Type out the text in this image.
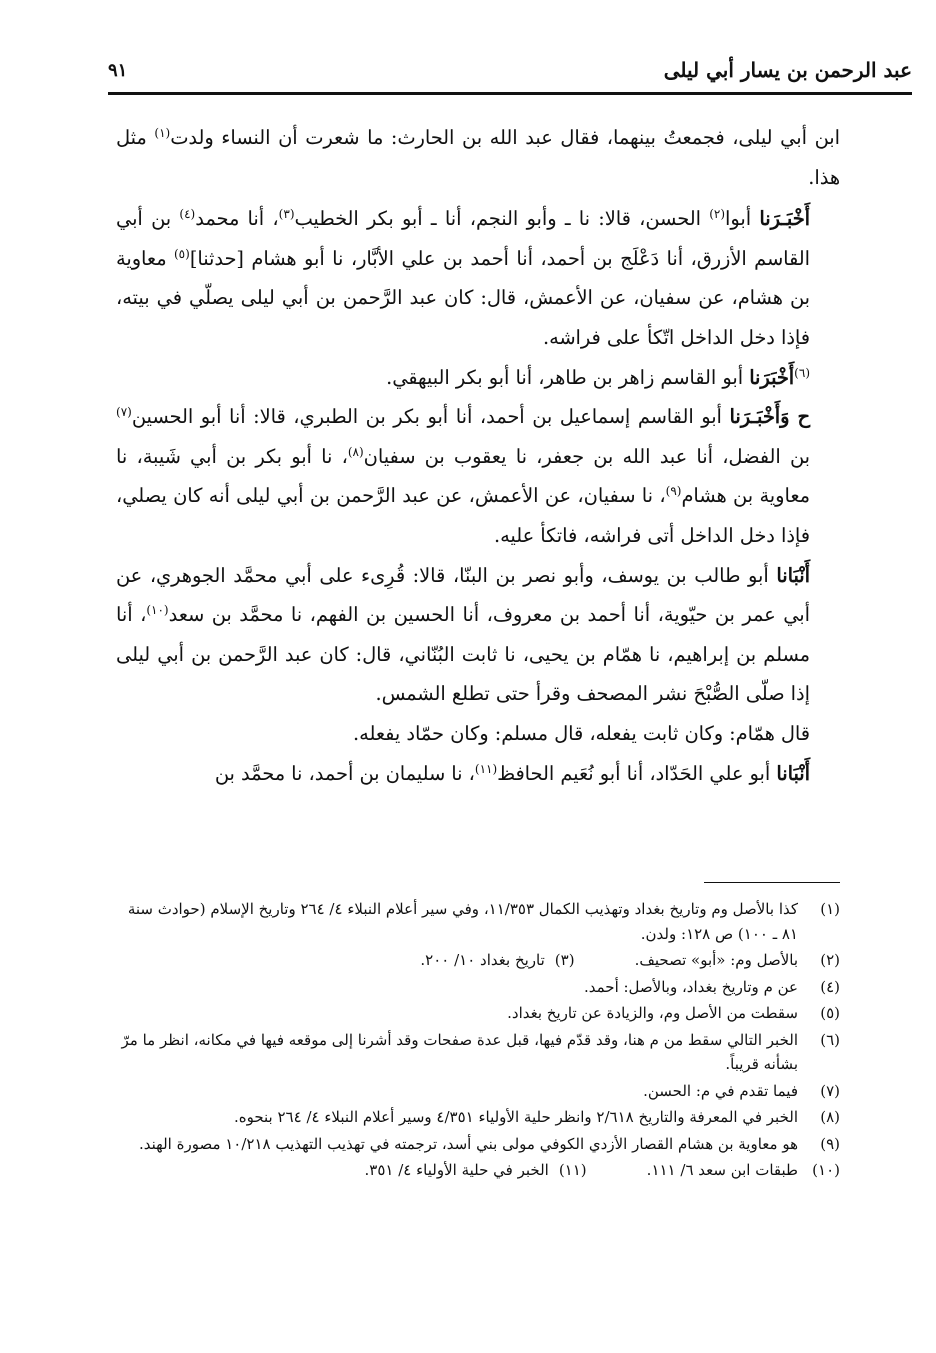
عبد الرحمن بن يسار أبي ليلى
٩١

ابن أبي ليلى، فجمعتُ بينهما، فقال عبد الله بن الحارث: ما شعرت أن النساء ولدت$^{(١)}$ مثل هذا.

أَخْبَـرَنا أبوا$^{(٢)}$ الحسن، قالا: نا ـ وأبو النجم، أنا ـ أبو بكر الخطيب$^{(٣)}$، أنا محمد$^{(٤)}$ بن أبي القاسم الأزرق، أنا دَعْلَج بن أحمد، أنا أحمد بن علي الأبَّار، نا أبو هشام [حدثنا]$^{(٥)}$ معاوية بن هشام، عن سفيان، عن الأعمش، قال: كان عبد الرَّحمن بن أبي ليلى يصلّي في بيته، فإذا دخل الداخل اتّكأ على فراشه.

$^{(٦)}$أَخْبَرَنا أبو القاسم زاهر بن طاهر، أنا أبو بكر البيهقي.

ح وَأَخْبَـرَنا أبو القاسم إسماعيل بن أحمد، أنا أبو بكر بن الطبري، قالا: أنا أبو الحسين$^{(٧)}$ بن الفضل، أنا عبد الله بن جعفر، نا يعقوب بن سفيان$^{(٨)}$، نا أبو بكر بن أبي شَيبة، نا معاوية بن هشام$^{(٩)}$، نا سفيان، عن الأعمش، عن عبد الرَّحمن بن أبي ليلى أنه كان يصلي، فإذا دخل الداخل أتى فراشه، فاتكأ عليه.

أَنْبَانا أبو طالب بن يوسف، وأبو نصر بن البنّا، قالا: قُرِىء على أبي محمَّد الجوهري، عن أبي عمر بن حيّوية، أنا أحمد بن معروف، أنا الحسين بن الفهم، نا محمَّد بن سعد$^{(١٠)}$، أنا مسلم بن إبراهيم، نا همّام بن يحيى، نا ثابت البُنّاني، قال: كان عبد الرَّحمن بن أبي ليلى إذا صلّى الصُّبْحَ نشر المصحف وقرأ حتى تطلع الشمس.

قال همّام: وكان ثابت يفعله، قال مسلم: وكان حمّاد يفعله.

أَنْبَانا أبو علي الحَدّاد، أنا أبو نُعَيم الحافظ$^{(١١)}$، نا سليمان بن أحمد، نا محمَّد بن

(١)
كذا بالأصل وم وتاريخ بغداد وتهذيب الكمال ١١/٣٥٣، وفي سير أعلام النبلاء ٤/ ٢٦٤ وتاريخ الإسلام (حوادث سنة ٨١ ـ ١٠٠) ص ١٢٨: ولدن.

(٢)
بالأصل وم: «أبو» تصحيف.
(٣)تاريخ بغداد ١٠/ ٢٠٠.

(٤)
عن م وتاريخ بغداد، وبالأصل: أحمد.

(٥)
سقطت من الأصل وم، والزيادة عن تاريخ بغداد.

(٦)
الخبر التالي سقط من م هنا، وقد قدّم فيها، قبل عدة صفحات وقد أشرنا إلى موقعه فيها في مكانه، انظر ما مرّ بشأنه قريباً.

(٧)
فيما تقدم في م: الحسن.

(٨)
الخبر في المعرفة والتاريخ ٢/٦١٨ وانظر حلية الأولياء ٤/٣٥١ وسير أعلام النبلاء ٤/ ٢٦٤ بنحوه.

(٩)
هو معاوية بن هشام القصار الأزدي الكوفي مولى بني أسد، ترجمته في تهذيب التهذيب ١٠/٢١٨ مصورة الهند.

(١٠)
طبقات ابن سعد ٦/ ١١١.
(١١)الخبر في حلية الأولياء ٤/ ٣٥١.
